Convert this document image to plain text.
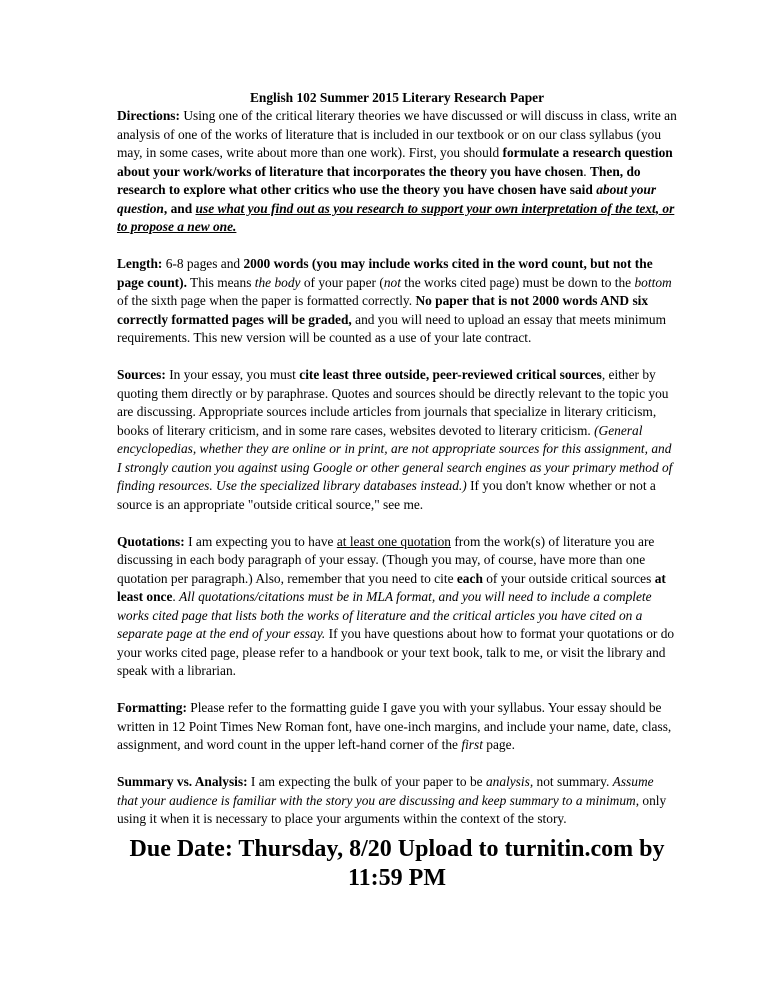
English 102 Summer 2015 Literary Research Paper

Directions: Using one of the critical literary theories we have discussed or will discuss in class, write an analysis of one of the works of literature that is included in our textbook or on our class syllabus (you may, in some cases, write about more than one work). First, you should formulate a research question about your work/works of literature that incorporates the theory you have chosen. Then, do research to explore what other critics who use the theory you have chosen have said about your question, and use what you find out as you research to support your own interpretation of the text, or to propose a new one.

Length: 6-8 pages and 2000 words (you may include works cited in the word count, but not the page count). This means the body of your paper (not the works cited page) must be down to the bottom of the sixth page when the paper is formatted correctly. No paper that is not 2000 words AND six correctly formatted pages will be graded, and you will need to upload an essay that meets minimum requirements. This new version will be counted as a use of your late contract.

Sources: In your essay, you must cite least three outside, peer-reviewed critical sources, either by quoting them directly or by paraphrase. Quotes and sources should be directly relevant to the topic you are discussing. Appropriate sources include articles from journals that specialize in literary criticism, books of literary criticism, and in some rare cases, websites devoted to literary criticism. (General encyclopedias, whether they are online or in print, are not appropriate sources for this assignment, and I strongly caution you against using Google or other general search engines as your primary method of finding resources. Use the specialized library databases instead.) If you don't know whether or not a source is an appropriate "outside critical source," see me.

Quotations: I am expecting you to have at least one quotation from the work(s) of literature you are discussing in each body paragraph of your essay. (Though you may, of course, have more than one quotation per paragraph.) Also, remember that you need to cite each of your outside critical sources at least once. All quotations/citations must be in MLA format, and you will need to include a complete works cited page that lists both the works of literature and the critical articles you have cited on a separate page at the end of your essay. If you have questions about how to format your quotations or do your works cited page, please refer to a handbook or your text book, talk to me, or visit the library and speak with a librarian.

Formatting: Please refer to the formatting guide I gave you with your syllabus. Your essay should be written in 12 Point Times New Roman font, have one-inch margins, and include your name, date, class, assignment, and word count in the upper left-hand corner of the first page.

Summary vs. Analysis: I am expecting the bulk of your paper to be analysis, not summary. Assume that your audience is familiar with the story you are discussing and keep summary to a minimum, only using it when it is necessary to place your arguments within the context of the story.

Due Date: Thursday, 8/20 Upload to turnitin.com by 11:59 PM
